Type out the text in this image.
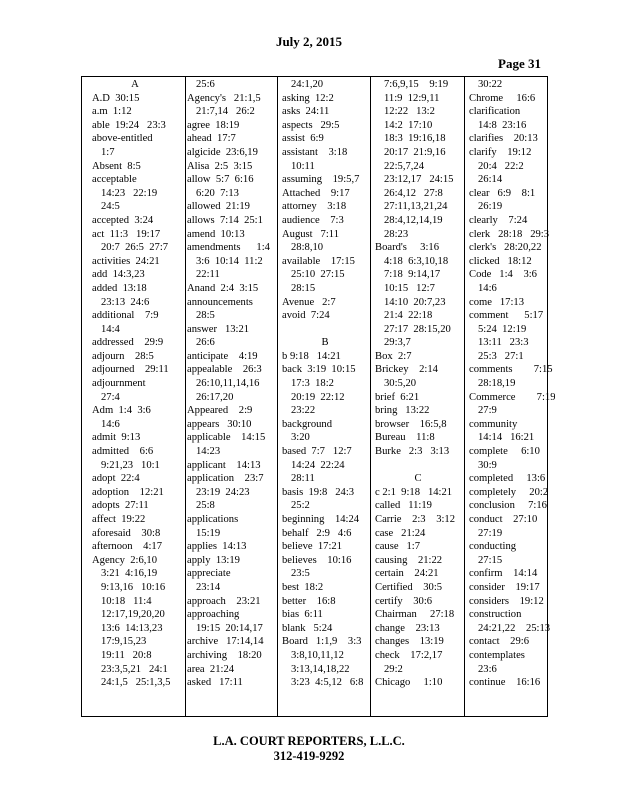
July 2, 2015
Page 31
A
A.D  30:15
a.m  1:12
able  19:24   23:3
above-entitled
1:7
Absent  8:5
acceptable
14:23   22:19
24:5
accepted  3:24
act  11:3   19:17
20:7  26:5  27:7
activities  24:21
add  14:3,23
added  13:18
23:13  24:6
additional    7:9
14:4
addressed    29:9
adjourn    28:5
adjourned    29:11
adjournment
27:4
Adm  1:4  3:6
14:6
admit  9:13
admitted    6:6
9:21,23   10:1
adopt  22:4
adoption    12:21
adopts  27:11
affect  19:22
aforesaid    30:8
afternoon    4:17
Agency  2:6,10
3:21  4:16,19
9:13,16   10:16
10:18   11:4
12:17,19,20,20
13:6  14:13,23
17:9,15,23
19:11   20:8
23:3,5,21   24:1
24:1,5   25:1,3,5
25:6
Agency's   21:1,5
21:7,14   26:2
agree  18:19
ahead  17:7
algicide  23:6,19
Alisa  2:5  3:15
allow  5:7  6:16
6:20  7:13
allowed  21:19
allows  7:14  25:1
amend  10:13
amendments      1:4
3:6  10:14  11:2
22:11
Anand  2:4  3:15
announcements
28:5
answer   13:21
26:6
anticipate    4:19
appealable    26:3
26:10,11,14,16
26:17,20
Appeared    2:9
appears   30:10
applicable    14:15
14:23
applicant    14:13
application    23:7
23:19  24:23
25:8
applications
15:19
applies  14:13
apply  13:19
appreciate
23:14
approach    23:21
approaching
19:15  20:14,17
archive   17:14,14
archiving    18:20
area  21:24
asked   17:11
24:1,20
asking  12:2
asks  24:11
aspects   29:5
assist  6:9
assistant    3:18
10:11
assuming    19:5,7
Attached    9:17
attorney    3:18
audience    7:3
August   7:11
28:8,10
available    17:15
25:10  27:15
28:15
Avenue   2:7
avoid  7:24

B
b 9:18   14:21
back  3:19  10:15
17:3  18:2
20:19  22:12
23:22
background
3:20
based  7:7   12:7
14:24  22:24
28:11
basis  19:8   24:3
25:2
beginning    14:24
behalf   2:9   4:6
believe  17:21
believes    10:16
23:5
best  18:2
better    16:8
bias  6:11
blank   5:24
Board   1:1,9    3:3
3:8,10,11,12
3:13,14,18,22
3:23  4:5,12   6:8
7:6,9,15    9:19
11:9  12:9,11
12:22   13:2
14:2  17:10
18:3  19:16,18
20:17  21:9,16
22:5,7,24
23:12,17   24:15
26:4,12   27:8
27:11,13,21,24
28:4,12,14,19
28:23
Board's     3:16
4:18  6:3,10,18
7:18  9:14,17
10:15   12:7
14:10  20:7,23
21:4  22:18
27:17  28:15,20
29:3,7
Box  2:7
Brickey    2:14
30:5,20
brief  6:21
bring   13:22
browser    16:5,8
Bureau    11:8
Burke   2:3   3:13

C
c 2:1  9:18   14:21
called   11:19
Carrie    2:3    3:12
case   21:24
cause   1:7
causing    21:22
certain    24:21
Certified    30:5
certify    30:6
Chairman     27:18
change    23:13
changes    13:19
check    17:2,17
29:2
Chicago     1:10
30:22
Chrome     16:6
clarification
14:8  23:16
clarifies    20:13
clarify    19:12
20:4   22:2
26:14
clear   6:9    8:1
26:19
clearly    7:24
clerk   28:18   29:3
clerk's   28:20,22
clicked   18:12
Code   1:4    3:6
14:6
come   17:13
comment      5:17
5:24  12:19
13:11   23:3
25:3   27:1
comments        7:15
28:18,19
Commerce        7:19
27:9
community
14:14   16:21
complete     6:10
30:9
completed     13:6
completely     20:2
conclusion     7:16
conduct    27:10
27:19
conducting
27:15
confirm    14:14
consider    19:17
considers    19:12
construction
24:21,22    25:13
contact    29:6
contemplates
23:6
continue    16:16
L.A. COURT REPORTERS, L.L.C.
312-419-9292
